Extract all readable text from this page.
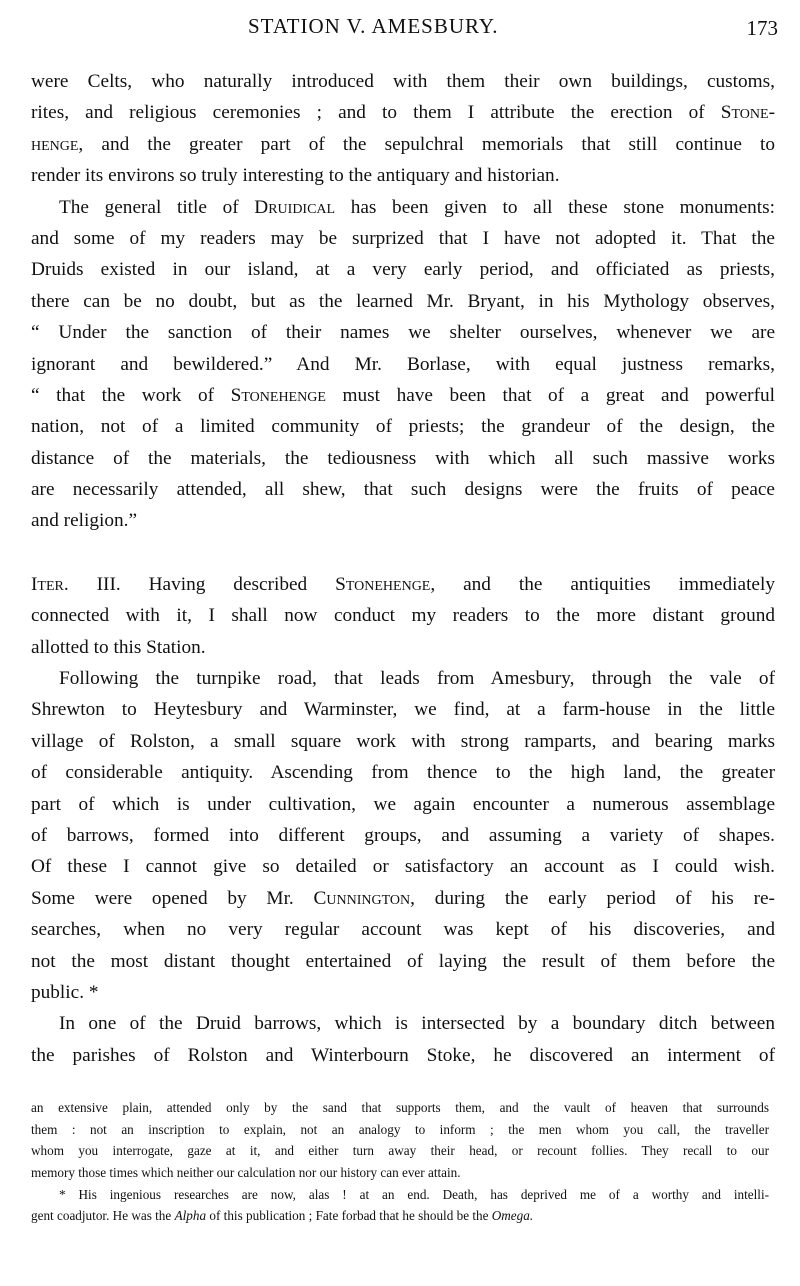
STATION V. AMESBURY.	173
were Celts, who naturally introduced with them their own buildings, customs,
rites, and religious ceremonies ; and to them I attribute the erection of Stone-
henge, and the greater part of the sepulchral memorials that still continue to
render its environs so truly interesting to the antiquary and historian.
The general title of Druidical has been given to all these stone monuments:
and some of my readers may be surprized that I have not adopted it. That the
Druids existed in our island, at a very early period, and officiated as priests,
there can be no doubt, but as the learned Mr. Bryant, in his Mythology observes,
“ Under the sanction of their names we shelter ourselves, whenever we are
ignorant and bewildered.” And Mr. Borlase, with equal justness remarks,
“ that the work of Stonehenge must have been that of a great and powerful
nation, not of a limited community of priests; the grandeur of the design, the
distance of the materials, the tediousness with which all such massive works
are necessarily attended, all shew, that such designs were the fruits of peace
and religion.”
Iter. III. Having described Stonehenge, and the antiquities immediately
connected with it, I shall now conduct my readers to the more distant ground
allotted to this Station.
Following the turnpike road, that leads from Amesbury, through the vale of
Shrewton to Heytesbury and Warminster, we find, at a farm-house in the little
village of Rolston, a small square work with strong ramparts, and bearing marks
of considerable antiquity. Ascending from thence to the high land, the greater
part of which is under cultivation, we again encounter a numerous assemblage
of barrows, formed into different groups, and assuming a variety of shapes.
Of these I cannot give so detailed or satisfactory an account as I could wish.
Some were opened by Mr. Cunnington, during the early period of his re-
searches, when no very regular account was kept of his discoveries, and
not the most distant thought entertained of laying the result of them before the
public. *
In one of the Druid barrows, which is intersected by a boundary ditch between
the parishes of Rolston and Winterbourn Stoke, he discovered an interment of
an extensive plain, attended only by the sand that supports them, and the vault of heaven that surrounds
them : not an inscription to explain, not an analogy to inform ; the men whom you call, the traveller
whom you interrogate, gaze at it, and either turn away their head, or recount follies. They recall to our
memory those times which neither our calculation nor our history can ever attain.
* His ingenious researches are now, alas ! at an end. Death, has deprived me of a worthy and intelli-
gent coadjutor. He was the Alpha of this publication ; Fate forbad that he should be the Omega.
